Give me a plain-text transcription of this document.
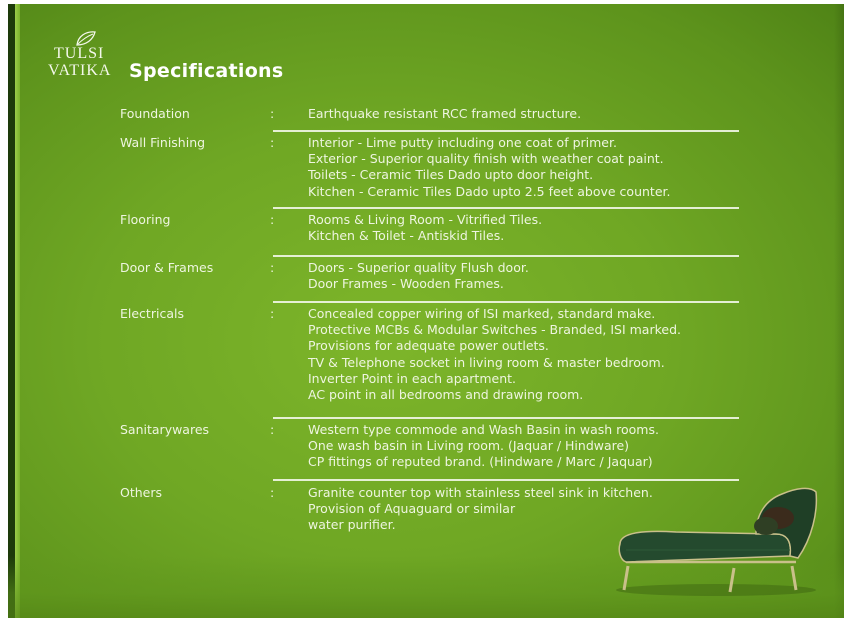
TULSI
VATIKA Specifications
Foundation	:	Earthquake resistant RCC framed structure.
Wall Finishing	:	Interior - Lime putty including one coat of primer.
Exterior - Superior quality finish with weather coat paint.
Toilets - Ceramic Tiles Dado upto door height.
Kitchen - Ceramic Tiles Dado upto 2.5 feet above counter.
Flooring	:	Rooms & Living Room - Vitrified Tiles.
Kitchen & Toilet - Antiskid Tiles.
Door & Frames	:	Doors - Superior quality Flush door.
Door Frames - Wooden Frames.
Electricals	:	Concealed copper wiring of ISI marked, standard make.
Protective MCBs & Modular Switches - Branded, ISI marked.
Provisions for adequate power outlets.
TV & Telephone socket in living room & master bedroom.
Inverter Point in each apartment.
AC point in all bedrooms and drawing room.
Sanitarywares	:	Western type commode and Wash Basin in wash rooms.
One wash basin in Living room. (Jaquar / Hindware)
CP fittings of reputed brand. (Hindware / Marc / Jaquar)
Others	:	Granite counter top with stainless steel sink in kitchen.
Provision of Aquaguard or similar
water purifier.
